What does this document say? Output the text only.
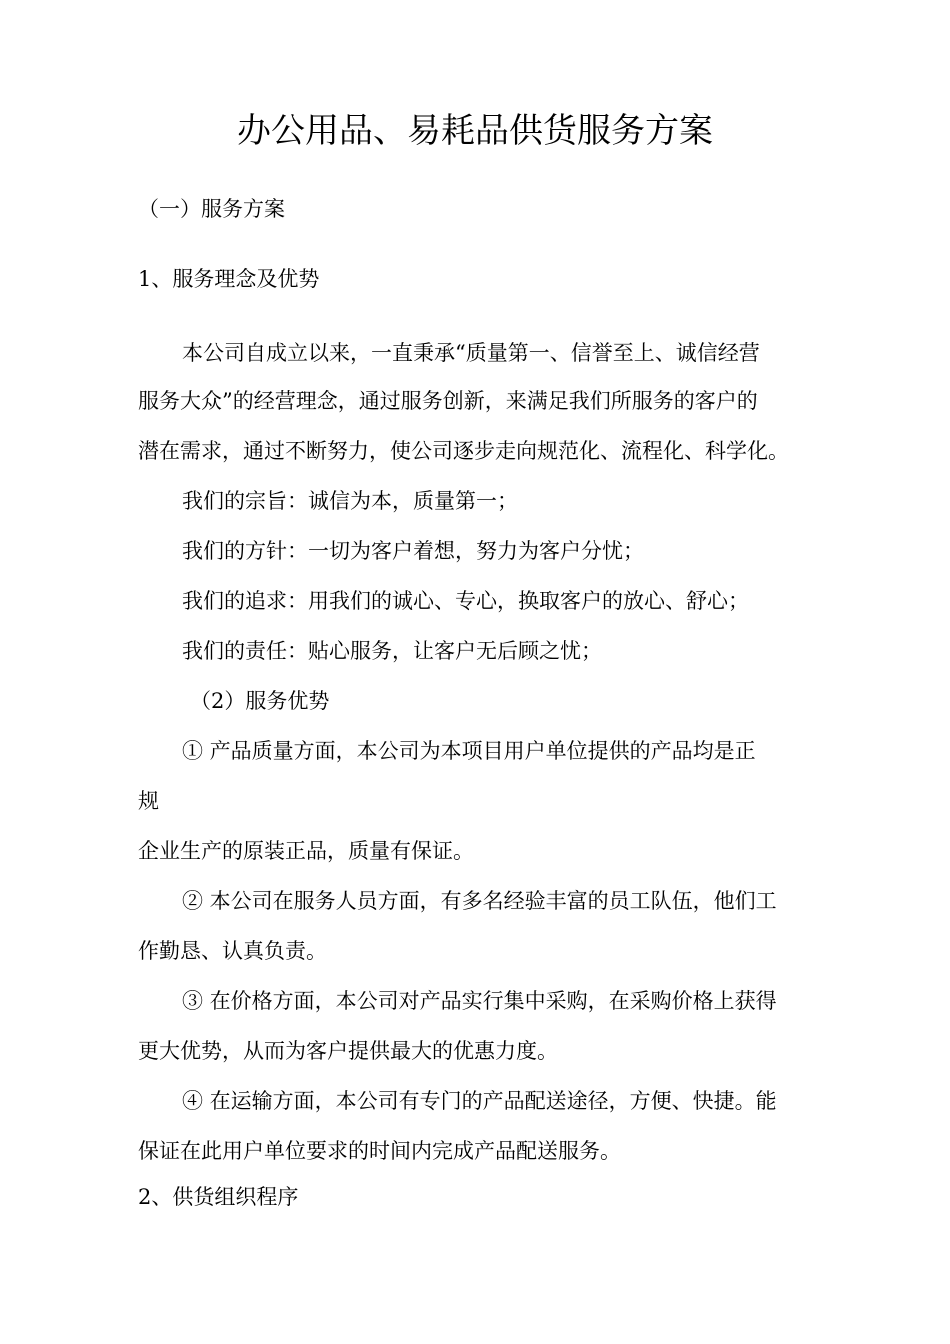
办公用品、易耗品供货服务方案
（一）服务方案
1、服务理念及优势
本公司自成立以来，一直秉承“质量第一、信誉至上、诚信经营
服务大众”的经营理念，通过服务创新，来满足我们所服务的客户的
潜在需求，通过不断努力，使公司逐步走向规范化、流程化、科学化。
我们的宗旨：诚信为本，质量第一；
我们的方针：一切为客户着想，努力为客户分忧；
我们的追求：用我们的诚心、专心，换取客户的放心、舒心；
我们的责任：贴心服务，让客户无后顾之忧；
（2）服务优势
① 产品质量方面，本公司为本项目用户单位提供的产品均是正
规
企业生产的原装正品，质量有保证。
② 本公司在服务人员方面，有多名经验丰富的员工队伍，他们工
作勤恳、认真负责。
③ 在价格方面，本公司对产品实行集中采购，在采购价格上获得
更大优势，从而为客户提供最大的优惠力度。
④ 在运输方面，本公司有专门的产品配送途径，方便、快捷。能
保证在此用户单位要求的时间内完成产品配送服务。
2、供货组织程序
